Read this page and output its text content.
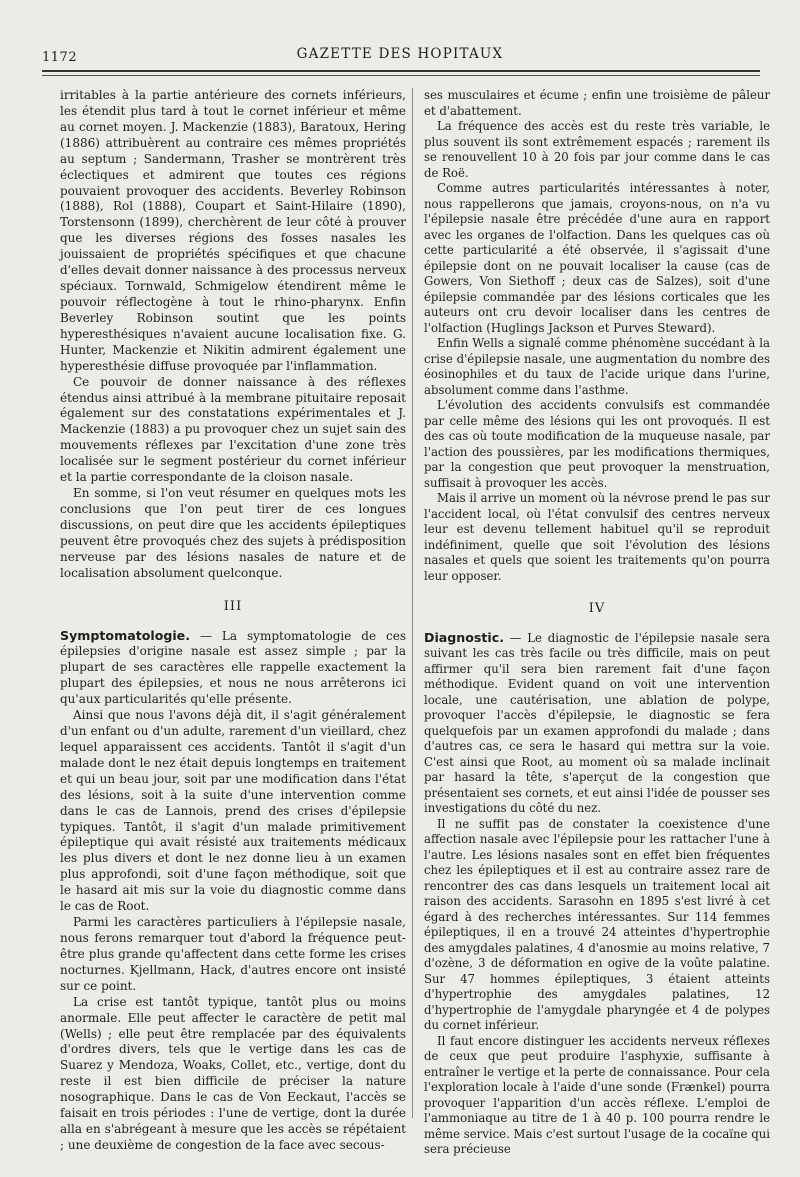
1172	GAZETTE DES HOPITAUX

irritables à la partie antérieure des cornets inférieurs, les étendit plus tard à tout le cornet inférieur et même au cornet moyen. J. Mackenzie (1883), Baratoux, Hering (1886) attribuèrent au contraire ces mêmes propriétés au septum ; Sandermann, Trasher se montrèrent très éclectiques et admirent que toutes ces régions pouvaient provoquer des accidents. Beverley Robinson (1888), Rol (1888), Coupart et Saint-Hilaire (1890), Torstensonn (1899), cherchèrent de leur côté à prouver que les diverses régions des fosses nasales les jouissaient de propriétés spécifiques et que chacune d'elles devait donner naissance à des processus nerveux spéciaux. Tornwald, Schmigelow étendirent même le pouvoir réflectogène à tout le rhino-pharynx. Enfin Beverley Robinson soutint que les points hyperesthésiques n'avaient aucune localisation fixe. G. Hunter, Mackenzie et Nikitin admirent également une hyperesthésie diffuse provoquée par l'inflammation.

Ce pouvoir de donner naissance à des réflexes étendus ainsi attribué à la membrane pituitaire reposait également sur des constatations expérimentales et J. Mackenzie (1883) a pu provoquer chez un sujet sain des mouvements réflexes par l'excitation d'une zone très localisée sur le segment postérieur du cornet inférieur et la partie correspondante de la cloison nasale.

En somme, si l'on veut résumer en quelques mots les conclusions que l'on peut tirer de ces longues discussions, on peut dire que les accidents épileptiques peuvent être provoqués chez des sujets à prédisposition nerveuse par des lésions nasales de nature et de localisation absolument quelconque.

III

Symptomatologie. — La symptomatologie de ces épilepsies d'origine nasale est assez simple ; par la plupart de ses caractères elle rappelle exactement la plupart des épilepsies, et nous ne nous arrêterons ici qu'aux particularités qu'elle présente.

Ainsi que nous l'avons déjà dit, il s'agit généralement d'un enfant ou d'un adulte, rarement d'un vieillard, chez lequel apparaissent ces accidents. Tantôt il s'agit d'un malade dont le nez était depuis longtemps en traitement et qui un beau jour, soit par une modification dans l'état des lésions, soit à la suite d'une intervention comme dans le cas de Lannois, prend des crises d'épilepsie typiques. Tantôt, il s'agit d'un malade primitivement épileptique qui avait résisté aux traitements médicaux les plus divers et dont le nez donne lieu à un examen plus approfondi, soit d'une façon méthodique, soit que le hasard ait mis sur la voie du diagnostic comme dans le cas de Root.

Parmi les caractères particuliers à l'épilepsie nasale, nous ferons remarquer tout d'abord la fréquence peut-être plus grande qu'affectent dans cette forme les crises nocturnes. Kjellmann, Hack, d'autres encore ont insisté sur ce point.

La crise est tantôt typique, tantôt plus ou moins anormale. Elle peut affecter le caractère de petit mal (Wells) ; elle peut être remplacée par des équivalents d'ordres divers, tels que le vertige dans les cas de Suarez y Mendoza, Woaks, Collet, etc., vertige, dont du reste il est bien difficile de préciser la nature nosographique. Dans le cas de Von Eeckaut, l'accès se faisait en trois périodes : l'une de vertige, dont la durée alla en s'abrégeant à mesure que les accès se répétaient ; une deuxième de congestion de la face avec secous-

ses musculaires et écume ; enfin une troisième de pâleur et d'abattement.

La fréquence des accès est du reste très variable, le plus souvent ils sont extrêmement espacés ; rarement ils se renouvellent 10 à 20 fois par jour comme dans le cas de Roë.

Comme autres particularités intéressantes à noter, nous rappellerons que jamais, croyons-nous, on n'a vu l'épilepsie nasale être précédée d'une aura en rapport avec les organes de l'olfaction. Dans les quelques cas où cette particularité a été observée, il s'agissait d'une épilepsie dont on ne pouvait localiser la cause (cas de Gowers, Von Siethoff ; deux cas de Salzes), soit d'une épilepsie commandée par des lésions corticales que les auteurs ont cru devoir localiser dans les centres de l'olfaction (Huglings Jackson et Purves Steward).

Enfin Wells a signalé comme phénomène succédant à la crise d'épilepsie nasale, une augmentation du nombre des éosinophiles et du taux de l'acide urique dans l'urine, absolument comme dans l'asthme.

L'évolution des accidents convulsifs est commandée par celle même des lésions qui les ont provoqués. Il est des cas où toute modification de la muqueuse nasale, par l'action des poussières, par les modifications thermiques, par la congestion que peut provoquer la menstruation, suffisait à provoquer les accès.

Mais il arrive un moment où la névrose prend le pas sur l'accident local, où l'état convulsif des centres nerveux leur est devenu tellement habituel qu'il se reproduit indéfiniment, quelle que soit l'évolution des lésions nasales et quels que soient les traitements qu'on pourra leur opposer.

IV

Diagnostic. — Le diagnostic de l'épilepsie nasale sera suivant les cas très facile ou très difficile, mais on peut affirmer qu'il sera bien rarement fait d'une façon méthodique. Evident quand on voit une intervention locale, une cautérisation, une ablation de polype, provoquer l'accès d'épilepsie, le diagnostic se fera quelquefois par un examen approfondi du malade ; dans d'autres cas, ce sera le hasard qui mettra sur la voie. C'est ainsi que Root, au moment où sa malade inclinait par hasard la tête, s'aperçut de la congestion que présentaient ses cornets, et eut ainsi l'idée de pousser ses investigations du côté du nez.

Il ne suffit pas de constater la coexistence d'une affection nasale avec l'épilepsie pour les rattacher l'une à l'autre. Les lésions nasales sont en effet bien fréquentes chez les épileptiques et il est au contraire assez rare de rencontrer des cas dans lesquels un traitement local ait raison des accidents. Sarasohn en 1895 s'est livré à cet égard à des recherches intéressantes. Sur 114 femmes épileptiques, il en a trouvé 24 atteintes d'hypertrophie des amygdales palatines, 4 d'anosmie au moins relative, 7 d'ozène, 3 de déformation en ogive de la voûte palatine. Sur 47 hommes épileptiques, 3 étaient atteints d'hypertrophie des amygdales palatines, 12 d'hypertrophie de l'amygdale pharyngée et 4 de polypes du cornet inférieur.

Il faut encore distinguer les accidents nerveux réflexes de ceux que peut produire l'asphyxie, suffisante à entraîner le vertige et la perte de connaissance. Pour cela l'exploration locale à l'aide d'une sonde (Frænkel) pourra provoquer l'apparition d'un accès réflexe. L'emploi de l'ammoniaque au titre de 1 à 40 p. 100 pourra rendre le même service. Mais c'est surtout l'usage de la cocaïne qui sera précieuse
